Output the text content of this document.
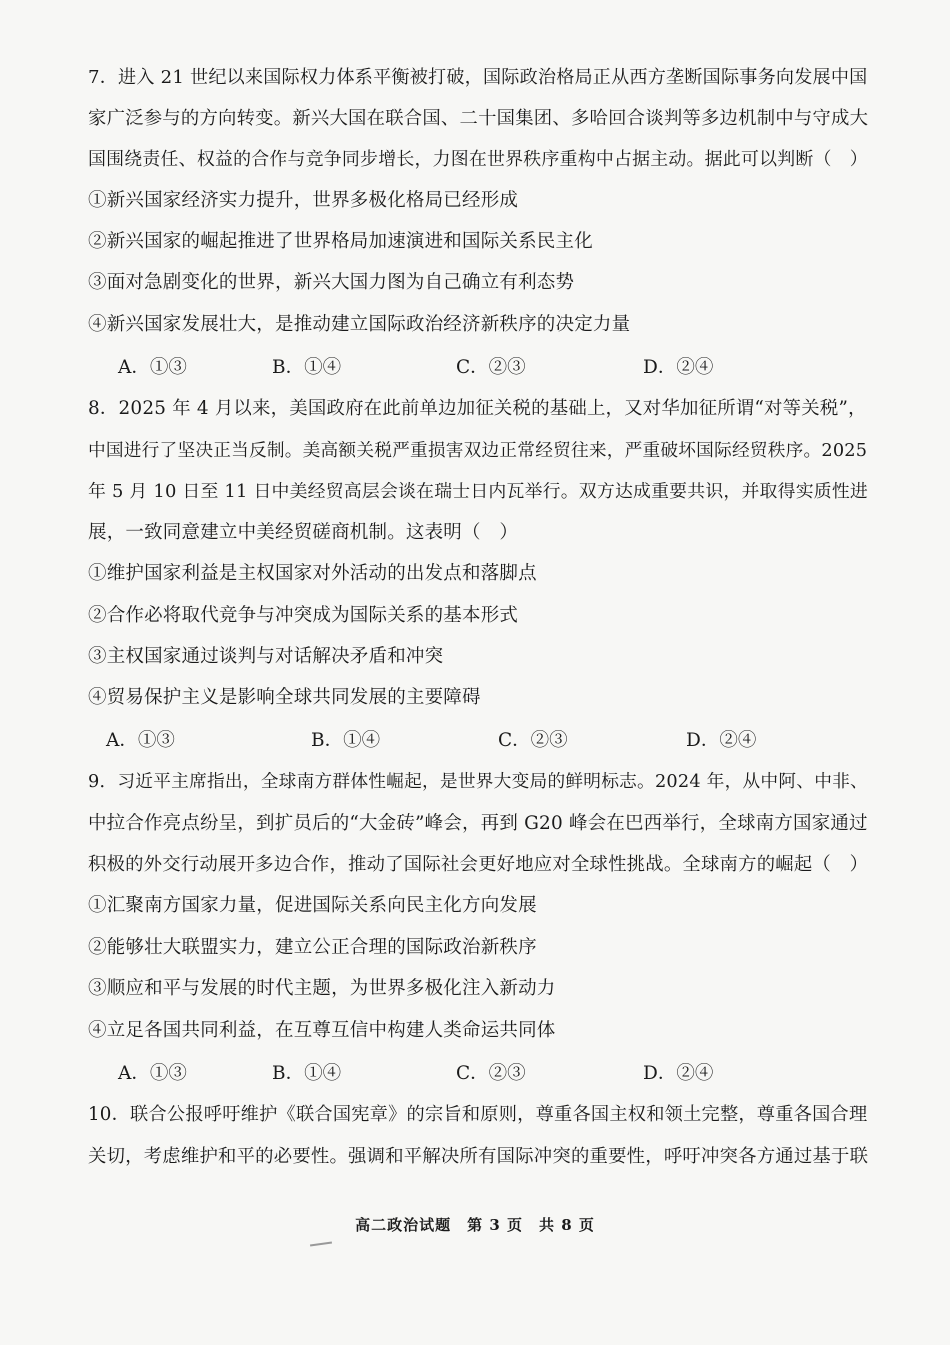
7．进入 21 世纪以来国际权力体系平衡被打破，国际政治格局正从西方垄断国际事务向发展中国
家广泛参与的方向转变。新兴大国在联合国、二十国集团、多哈回合谈判等多边机制中与守成大
国围绕责任、权益的合作与竞争同步增长，力图在世界秩序重构中占据主动。据此可以判断（　）
①新兴国家经济实力提升，世界多极化格局已经形成
②新兴国家的崛起推进了世界格局加速演进和国际关系民主化
③面对急剧变化的世界，新兴大国力图为自己确立有利态势
④新兴国家发展壮大，是推动建立国际政治经济新秩序的决定力量
A．①③	B．①④	C．②③	D．②④
8．2025 年 4 月以来，美国政府在此前单边加征关税的基础上，又对华加征所谓“对等关税”，
中国进行了坚决正当反制。美高额关税严重损害双边正常经贸往来，严重破坏国际经贸秩序。2025
年 5 月 10 日至 11 日中美经贸高层会谈在瑞士日内瓦举行。双方达成重要共识，并取得实质性进
展，一致同意建立中美经贸磋商机制。这表明（　）
①维护国家利益是主权国家对外活动的出发点和落脚点
②合作必将取代竞争与冲突成为国际关系的基本形式
③主权国家通过谈判与对话解决矛盾和冲突
④贸易保护主义是影响全球共同发展的主要障碍
A．①③	B．①④	C．②③	D．②④
9．习近平主席指出，全球南方群体性崛起，是世界大变局的鲜明标志。2024 年，从中阿、中非、
中拉合作亮点纷呈，到扩员后的“大金砖”峰会，再到 G20 峰会在巴西举行，全球南方国家通过
积极的外交行动展开多边合作，推动了国际社会更好地应对全球性挑战。全球南方的崛起（　）
①汇聚南方国家力量，促进国际关系向民主化方向发展
②能够壮大联盟实力，建立公正合理的国际政治新秩序
③顺应和平与发展的时代主题，为世界多极化注入新动力
④立足各国共同利益，在互尊互信中构建人类命运共同体
A．①③	B．①④	C．②③	D．②④
10．联合公报呼吁维护《联合国宪章》的宗旨和原则，尊重各国主权和领土完整，尊重各国合理
关切，考虑维护和平的必要性。强调和平解决所有国际冲突的重要性，呼吁冲突各方通过基于联
高二政治试题　第 3 页　共 8 页
